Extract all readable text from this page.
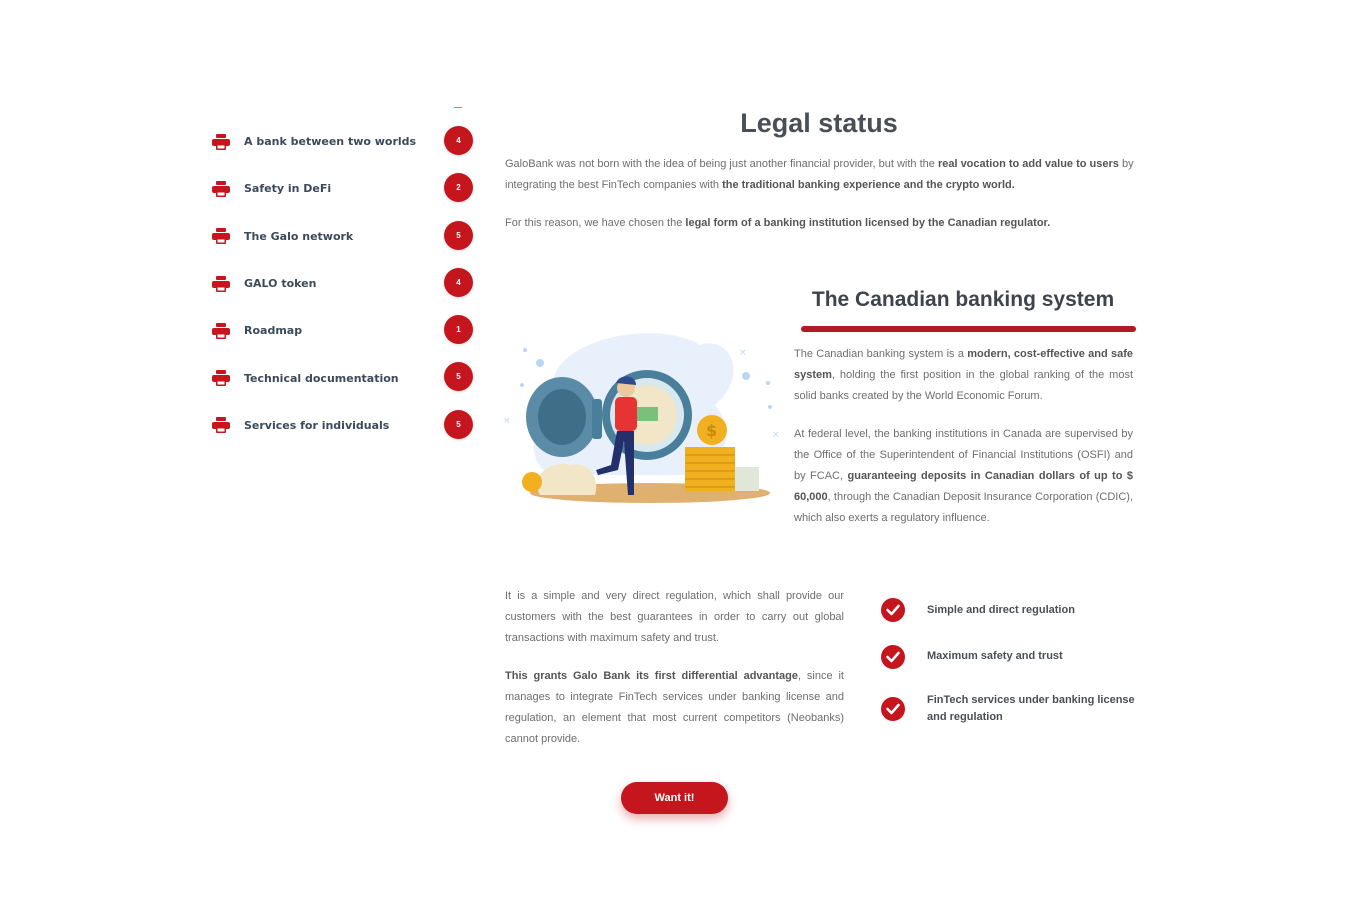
A bank between two worlds	4
Safety in DeFi	2
The Galo network	5
GALO token	4
Roadmap	1
Technical documentation	5
Services for individuals	5
Legal status

GaloBank was not born with the idea of being just another financial provider, but with the real vocation to add value to users by integrating the best FinTech companies with the traditional banking experience and the crypto world.

For this reason, we have chosen the legal form of a banking institution licensed by the Canadian regulator.

×
×
×
$
The Canadian banking system

The Canadian banking system is a modern, cost-effective and safe system, holding the first position in the global ranking of the most solid banks created by the World Economic Forum.

At federal level, the banking institutions in Canada are supervised by the Office of the Superintendent of Financial Institutions (OSFI) and by FCAC, guaranteeing deposits in Canadian dollars of up to $ 60,000, through the Canadian Deposit Insurance Corporation (CDIC), which also exerts a regulatory influence.

It is a simple and very direct regulation, which shall provide our customers with the best guarantees in order to carry out global transactions with maximum safety and trust.

This grants Galo Bank its first differential advantage, since it manages to integrate FinTech services under banking license and regulation, an element that most current competitors (Neobanks) cannot provide.

Simple and direct regulation
Maximum safety and trust
FinTech services under banking license and regulation
Want it!
